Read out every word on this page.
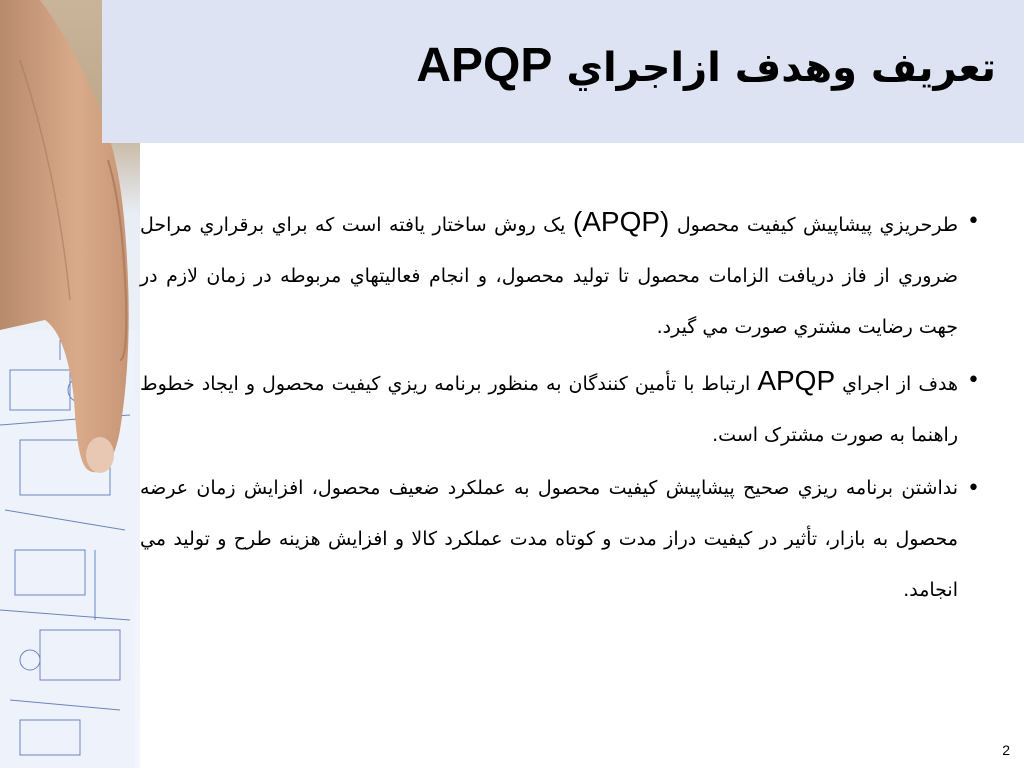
تعريف وهدف ازاجراي APQP
• طرحريزي پيشاپيش کيفيت محصول (APQP) يک روش ساختار يافته است که براي برقراري مراحل ضروري از فاز دريافت الزامات محصول تا توليد محصول، و انجام فعاليتهاي مربوطه در زمان لازم در جهت رضايت مشتري صورت مي گيرد.
• هدف از اجراي APQP ارتباط با تأمين کنندگان به منظور برنامه ريزي کيفيت محصول و ايجاد خطوط راهنما به صورت مشترک است.
• نداشتن برنامه ريزي صحيح پيشاپيش کيفيت محصول به عملکرد ضعيف محصول، افزايش زمان عرضه محصول به بازار، تأثير در کيفيت دراز مدت و کوتاه مدت عملکرد کالا و افزايش هزينه طرح و توليد مي انجامد.
2
